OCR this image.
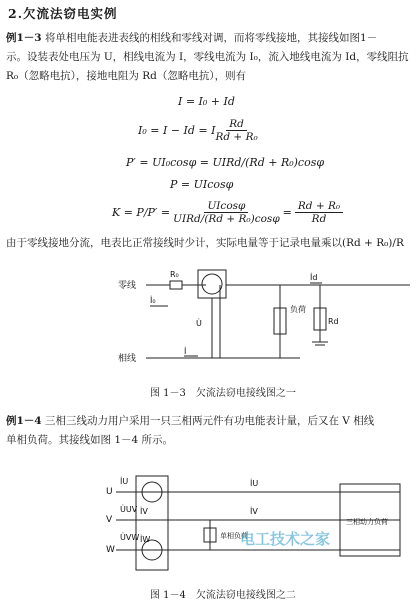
2.欠流法窃电实例
例1－3 将单相电能表进表线的相线和零线对调，而将零线接地，其接线如图1－
示。设装表处电压为 U，相线电流为 I，零线电流为 I₀，流入地线电流为 Id，零线阻抗
R₀（忽略电抗），接地电阻为 Rd（忽略电抗），则有
I = I₀ + Id
I₀ = I − Id = I $\frac{Rd}{\text{Rd + R₀}}$
P′ = UI₀cosφ = UIRd/(Rd + R₀)cosφ
P = UIcosφ
$K = P/P' = \frac{UIcos\varphi}{\text{UIRd/(Rd + R₀)cosφ}} = \frac{\text{Rd + R₀}}{Rd}$
由于零线接地分流，电表比正常接线时少计，实际电量等于记录电量乘以(Rd + R₀)/R
零线
相线
R₀	İd
İ₀
U̇
İ
负荷
Rd
图 1－3　欠流法窃电接线图之一
例1－4 三相三线动力用户采用一只三相两元件有功电能表计量，后又在 V 相线
单相负荷。其接线如图 1－4 所示。
U
V
W
İU
U̇UV
U̇VW
İV
İW
İU
İV
三相动力负荷
单相负荷
电工技术之家
图 1－4　欠流法窃电接线图之二
